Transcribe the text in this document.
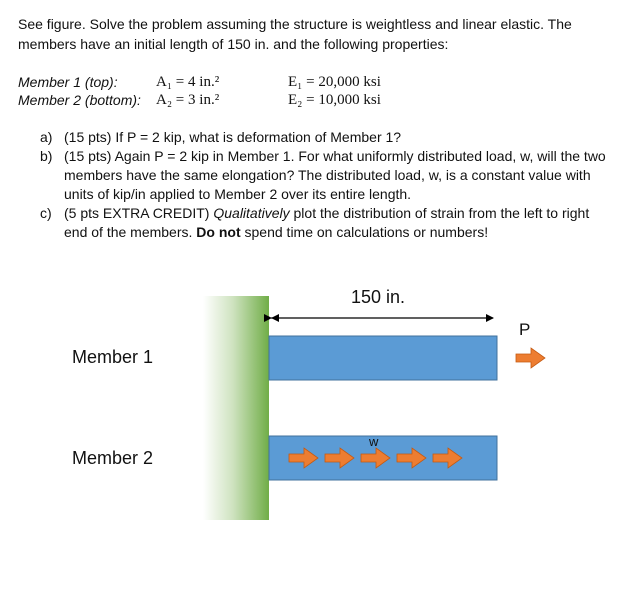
See figure. Solve the problem assuming the structure is weightless and linear elastic. The members have an initial length of 150 in. and the following properties:
Member 1 (top):	A₁ = 4 in.²	E₁ = 20,000 ksi
Member 2 (bottom): A₂ = 3 in.²	E₂ = 10,000 ksi

a) (15 pts) If P = 2 kip, what is deformation of Member 1?

b) (15 pts) Again P = 2 kip in Member 1. For what uniformly distributed load, w, will the two members have the same elongation? The distributed load, w, is a constant value with units of kip/in applied to Member 2 over its entire length.

c) (5 pts EXTRA CREDIT) Qualitatively plot the distribution of strain from the left to right end of the members. Do not spend time on calculations or numbers!

150 in.
P
w
Member 1
Member 2
